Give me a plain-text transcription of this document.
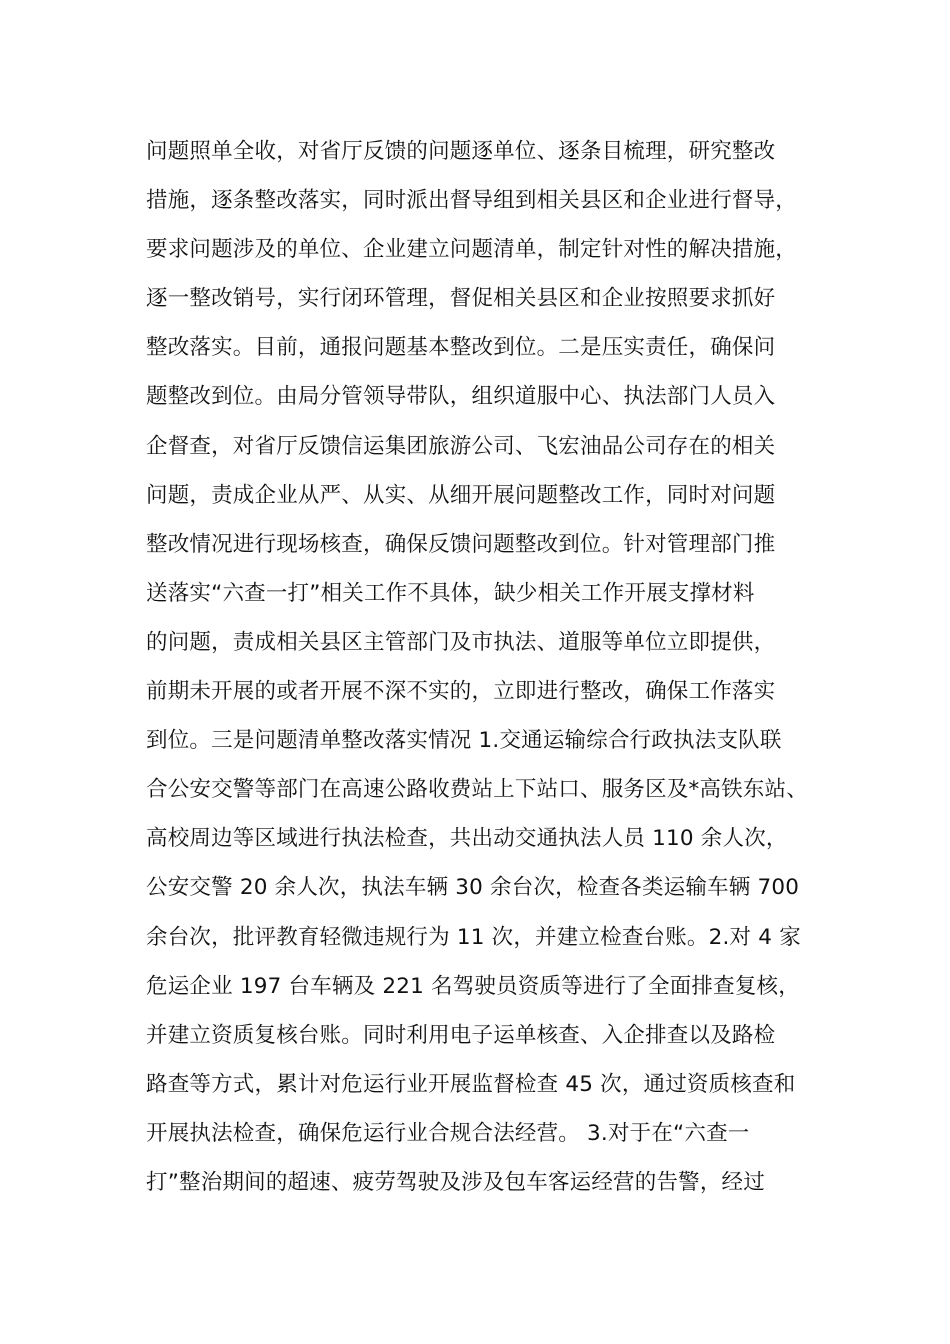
问题照单全收，对省厅反馈的问题逐单位、逐条目梳理，研究整改
措施，逐条整改落实，同时派出督导组到相关县区和企业进行督导，
要求问题涉及的单位、企业建立问题清单，制定针对性的解决措施，
逐一整改销号，实行闭环管理，督促相关县区和企业按照要求抓好
整改落实。目前，通报问题基本整改到位。二是压实责任，确保问
题整改到位。由局分管领导带队，组织道服中心、执法部门人员入
企督查，对省厅反馈信运集团旅游公司、飞宏油品公司存在的相关
问题，责成企业从严、从实、从细开展问题整改工作，同时对问题
整改情况进行现场核查，确保反馈问题整改到位。针对管理部门推
送落实“六查一打”相关工作不具体，缺少相关工作开展支撑材料
的问题，责成相关县区主管部门及市执法、道服等单位立即提供，
前期未开展的或者开展不深不实的，立即进行整改，确保工作落实
到位。三是问题清单整改落实情况 1.交通运输综合行政执法支队联
合公安交警等部门在高速公路收费站上下站口、服务区及*高铁东站、
高校周边等区域进行执法检查，共出动交通执法人员 110 余人次，
公安交警 20 余人次，执法车辆 30 余台次，检查各类运输车辆 700
余台次，批评教育轻微违规行为 11 次，并建立检查台账。2.对 4 家
危运企业 197 台车辆及 221 名驾驶员资质等进行了全面排查复核，
并建立资质复核台账。同时利用电子运单核查、入企排查以及路检
路查等方式，累计对危运行业开展监督检查 45 次，通过资质核查和
开展执法检查，确保危运行业合规合法经营。 3.对于在“六查一
打”整治期间的超速、疲劳驾驶及涉及包车客运经营的告警，经过
